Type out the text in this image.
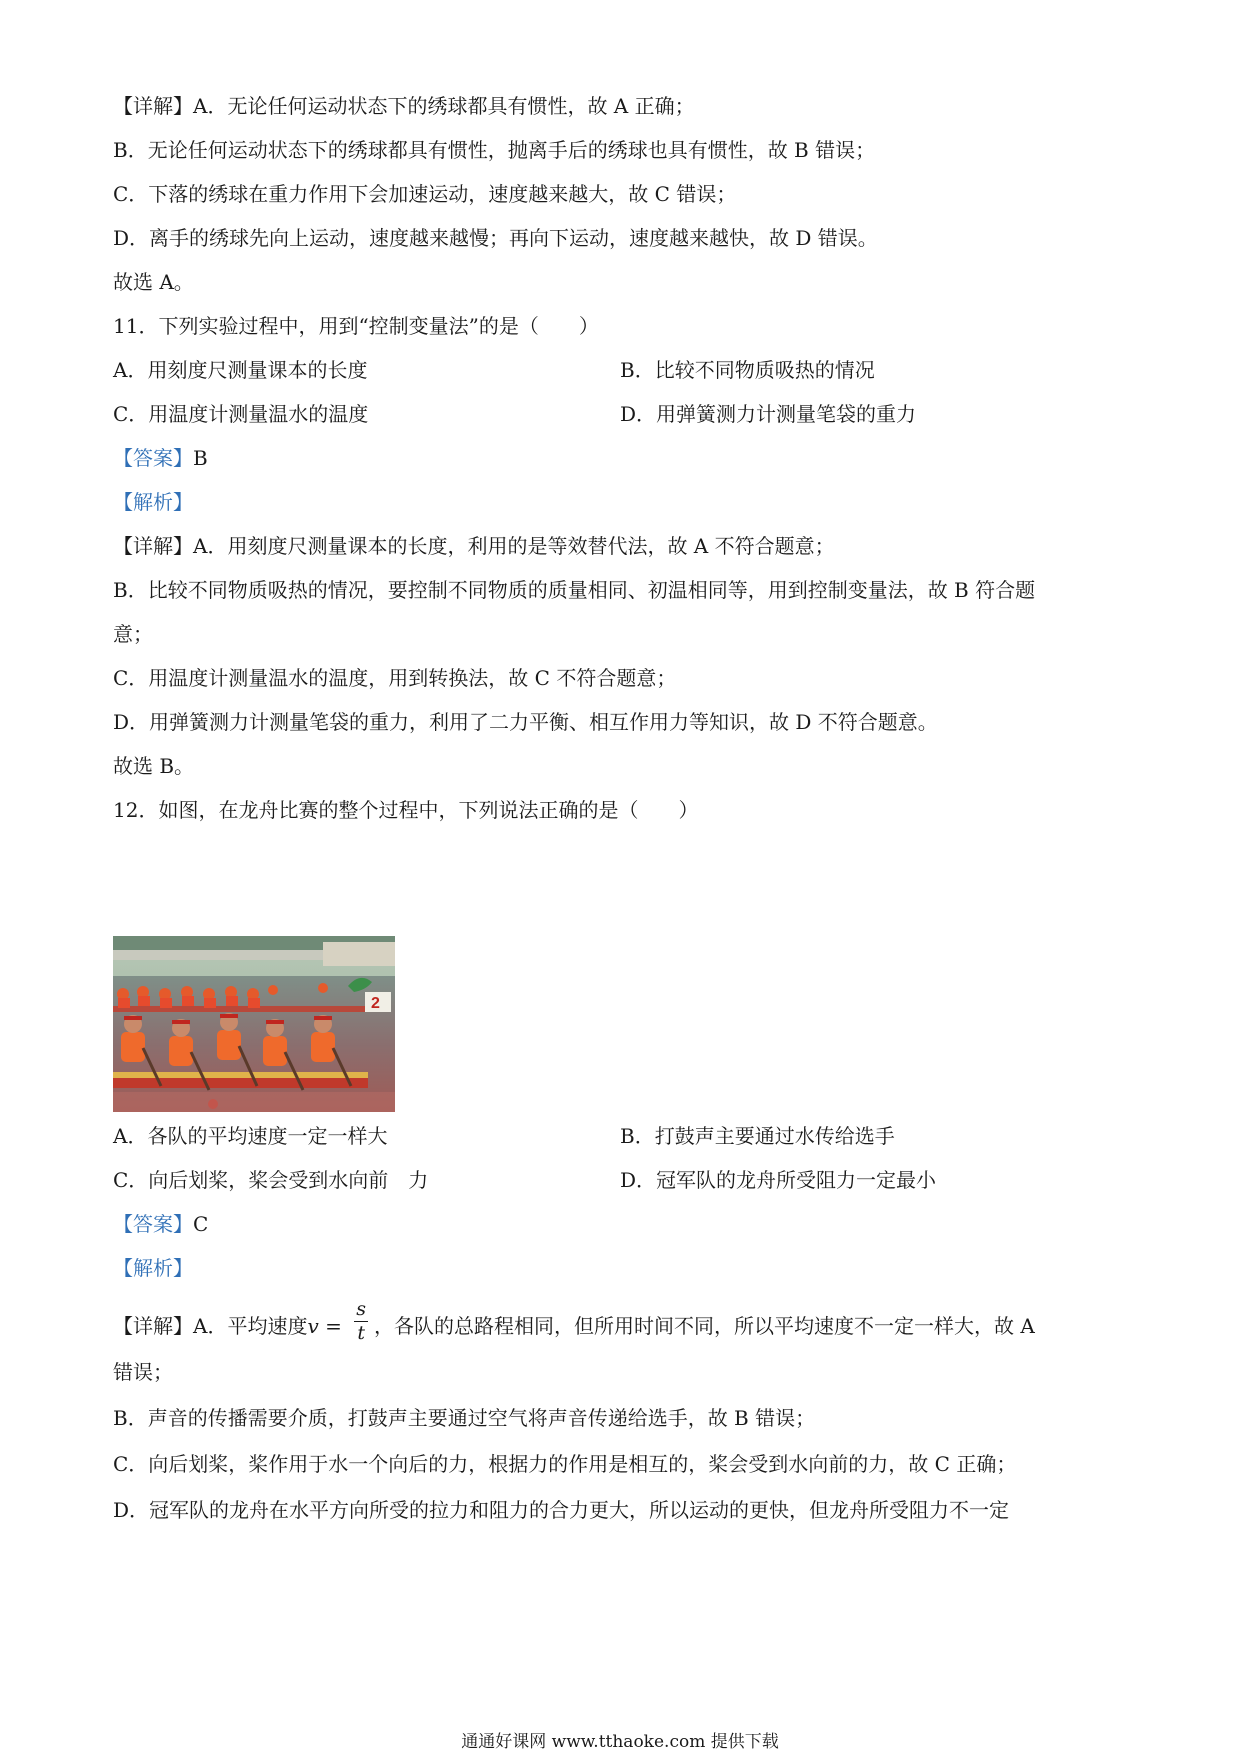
【详解】A．无论任何运动状态下的绣球都具有惯性，故 A 正确；
B．无论任何运动状态下的绣球都具有惯性，抛离手后的绣球也具有惯性，故 B 错误；
C．下落的绣球在重力作用下会加速运动，速度越来越大，故 C 错误；
D．离手的绣球先向上运动，速度越来越慢；再向下运动，速度越来越快，故 D 错误。
故选 A。
11．下列实验过程中，用到“控制变量法”的是（　　）
A．用刻度尺测量课本的长度	B．比较不同物质吸热的情况
C．用温度计测量温水的温度	D．用弹簧测力计测量笔袋的重力
【答案】B
【解析】
【详解】A．用刻度尺测量课本的长度，利用的是等效替代法，故 A 不符合题意；
B．比较不同物质吸热的情况，要控制不同物质的质量相同、初温相同等，用到控制变量法，故 B 符合题
意；
C．用温度计测量温水的温度，用到转换法，故 C 不符合题意；
D．用弹簧测力计测量笔袋的重力，利用了二力平衡、相互作用力等知识，故 D 不符合题意。
故选 B。
12．如图，在龙舟比赛的整个过程中，下列说法正确的是（　　）
2
A．各队的平均速度一定一样大	B．打鼓声主要通过水传给选手
C．向后划桨，桨会受到水向前　力	D．冠军队的龙舟所受阻力一定最小
【答案】C
【解析】
【详解】A．平均速度$v = \frac{s}{t}$ ，各队的总路程相同，但所用时间不同，所以平均速度不一定一样大，故 A
错误；
B．声音的传播需要介质，打鼓声主要通过空气将声音传递给选手，故 B 错误；
C．向后划桨，桨作用于水一个向后的力，根据力的作用是相互的，桨会受到水向前的力，故 C 正确；
D．冠军队的龙舟在水平方向所受的拉力和阻力的合力更大，所以运动的更快，但龙舟所受阻力不一定
通通好课网 www.tthaoke.com 提供下载
